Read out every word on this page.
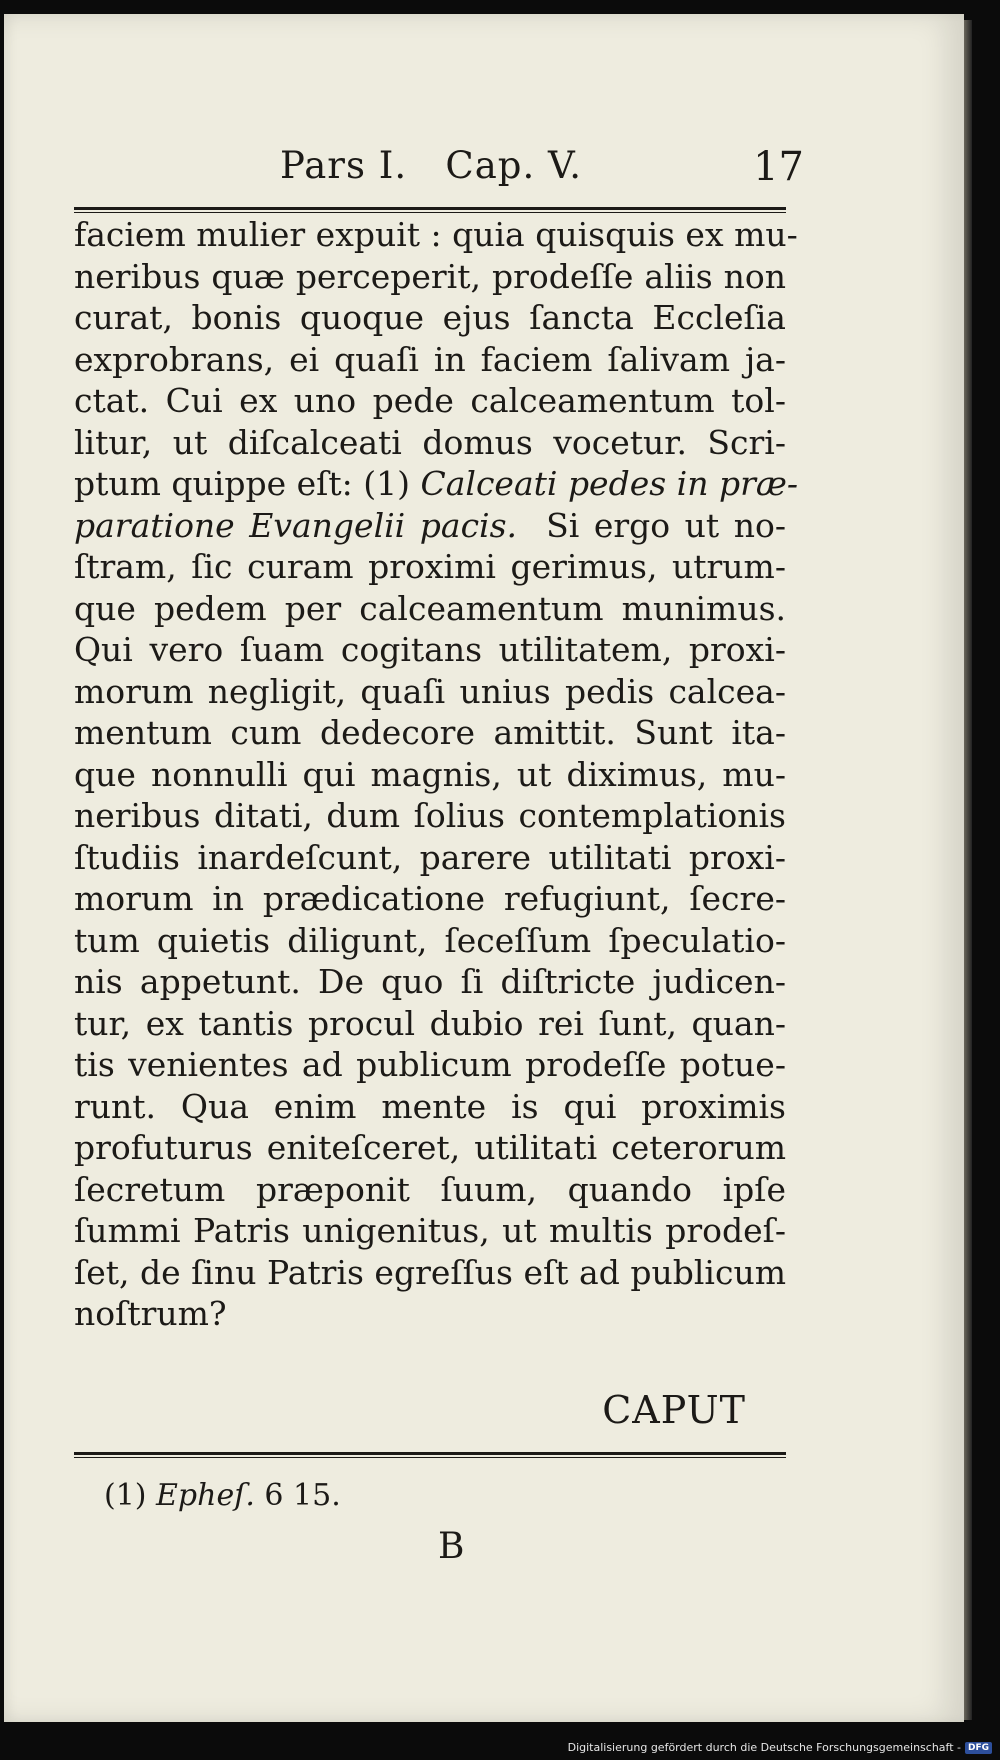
Pars I.   Cap. V.	17
faciem mulier expuit : quia quisquis ex mu-
neribus quæ perceperit, prodeſſe aliis non
curat, bonis quoque ejus ſancta Eccleſia
exprobrans, ei quaſi in faciem ſalivam ja-
ctat. Cui ex uno pede calceamentum tol-
litur, ut diſcalceati domus vocetur. Scri-
ptum quippe eſt: (1) Calceati pedes in præ-
paratione Evangelii pacis.  Si ergo ut no-
ſtram, ſic curam proximi gerimus, utrum-
que pedem per calceamentum munimus.
Qui vero ſuam cogitans utilitatem, proxi-
morum negligit, quaſi unius pedis calcea-
mentum cum dedecore amittit. Sunt ita-
que nonnulli qui magnis, ut diximus, mu-
neribus ditati, dum ſolius contemplationis
ſtudiis inardeſcunt, parere utilitati proxi-
morum in prædicatione refugiunt, ſecre-
tum quietis diligunt, ſeceſſum ſpeculatio-
nis appetunt. De quo ſi diſtricte judicen-
tur, ex tantis procul dubio rei ſunt, quan-
tis venientes ad publicum prodeſſe potue-
runt. Qua enim mente is qui proximis
profuturus eniteſceret, utilitati ceterorum
ſecretum præponit ſuum, quando ipſe
ſummi Patris unigenitus, ut multis prodeſ-
ſet, de ſinu Patris egreſſus eſt ad publicum
noſtrum?
CAPUT
(1) Epheſ. 6 15.
B
Digitalisierung gefördert durch die Deutsche Forschungsgemeinschaft - DFG
